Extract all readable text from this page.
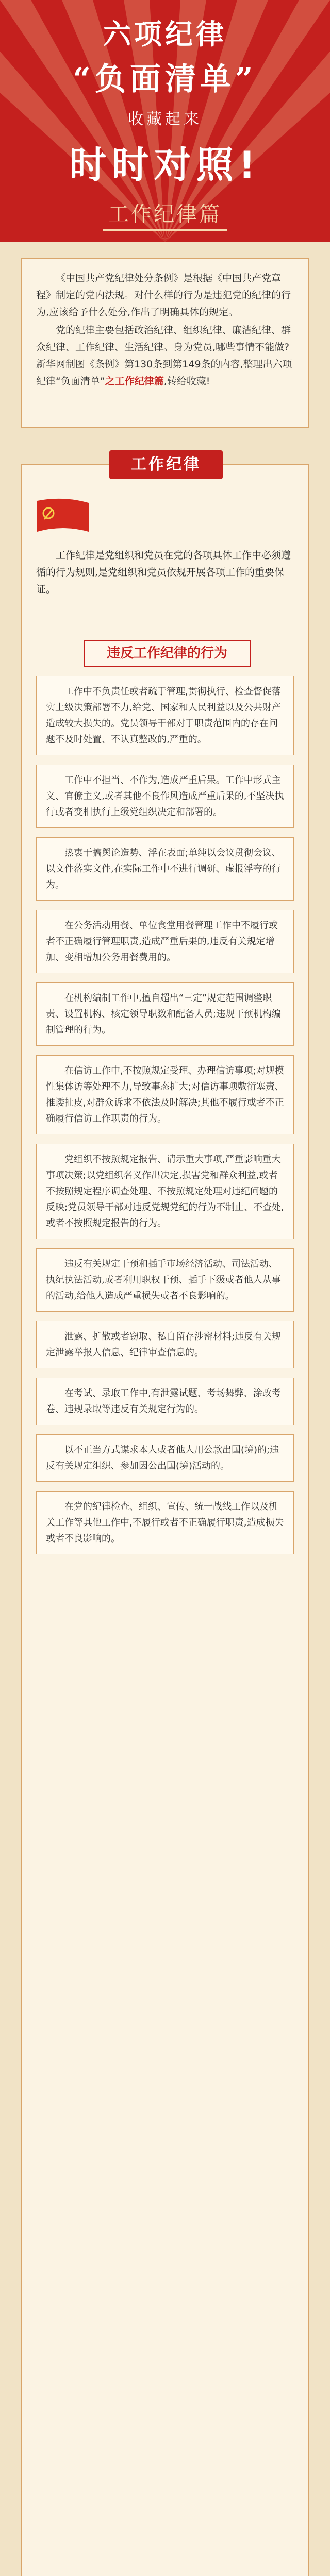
六项纪律
“负面清单”
收藏起来
时时对照!
工作纪律篇

《中国共产党纪律处分条例》是根据《中国共产党章程》制定的党内法规。对什么样的行为是违犯党的纪律的行为,应该给予什么处分,作出了明确具体的规定。

党的纪律主要包括政治纪律、组织纪律、廉洁纪律、群众纪律、工作纪律、生活纪律。身为党员,哪些事情不能做?新华网制图《条例》第130条到第149条的内容,整理出六项纪律“负面清单”之工作纪律篇,转给收藏!

工作纪律
工作纪律是党组织和党员在党的各项具体工作中必须遵循的行为规则,是党组织和党员依规开展各项工作的重要保证。
违反工作纪律的行为
工作中不负责任或者疏于管理,贯彻执行、检查督促落实上级决策部署不力,给党、国家和人民利益以及公共财产造成较大损失的。党员领导干部对于职责范围内的存在问题不及时处置、不认真整改的,严重的。
工作中不担当、不作为,造成严重后果。工作中形式主义、官僚主义,或者其他不良作风造成严重后果的,不坚决执行或者变相执行上级党组织决定和部署的。
热衷于搞舆论造势、浮在表面;单纯以会议贯彻会议、以文件落实文件,在实际工作中不进行调研、虚报浮夸的行为。
在公务活动用餐、单位食堂用餐管理工作中不履行或者不正确履行管理职责,造成严重后果的,违反有关规定增加、变相增加公务用餐费用的。
在机构编制工作中,擅自超出“三定”规定范围调整职责、设置机构、核定领导职数和配备人员;违规干预机构编制管理的行为。
在信访工作中,不按照规定受理、办理信访事项;对规模性集体访等处理不力,导致事态扩大;对信访事项敷衍塞责、推诿扯皮,对群众诉求不依法及时解决;其他不履行或者不正确履行信访工作职责的行为。
党组织不按照规定报告、请示重大事项,严重影响重大事项决策;以党组织名义作出决定,损害党和群众利益,或者不按照规定程序调查处理、不按照规定处理对违纪问题的反映;党员领导干部对违反党规党纪的行为不制止、不查处,或者不按照规定报告的行为。
违反有关规定干预和插手市场经济活动、司法活动、执纪执法活动,或者利用职权干预、插手下级或者他人从事的活动,给他人造成严重损失或者不良影响的。
泄露、扩散或者窃取、私自留存涉密材料;违反有关规定泄露举报人信息、纪律审查信息的。
在考试、录取工作中,有泄露试题、考场舞弊、涂改考卷、违规录取等违反有关规定行为的。
以不正当方式谋求本人或者他人用公款出国(境)的;违反有关规定组织、参加因公出国(境)活动的。
在党的纪律检查、组织、宣传、统一战线工作以及机关工作等其他工作中,不履行或者不正确履行职责,造成损失或者不良影响的。
